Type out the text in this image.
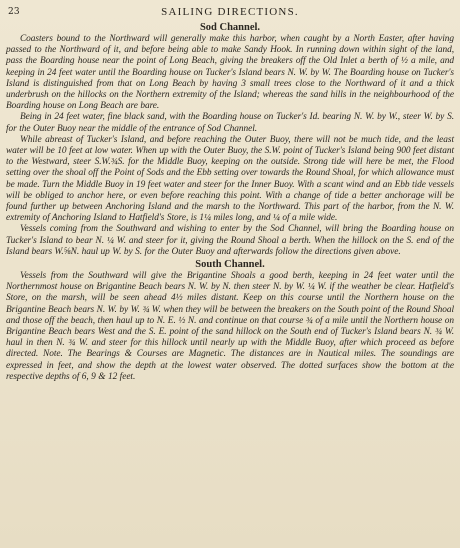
23	SAILING DIRECTIONS.
Sod Channel.

Coasters bound to the Northward will generally make this harbor, when caught by a North Easter, after having passed to the Northward of it, and before being able to make Sandy Hook. In running down within sight of the land, pass the Boarding house near the point of Long Beach, giving the breakers off the Old Inlet a berth of ½ a mile, and keeping in 24 feet water until the Boarding house on Tucker's Island bears N. W. by W. The Boarding house on Tucker's Island is distinguished from that on Long Beach by having 3 small trees close to the Northward of it and a thick underbrush on the hillocks on the Northern extremity of the Island; whereas the sand hills in the neighbourhood of the Boarding house on Long Beach are bare.

Being in 24 feet water, fine black sand, with the Boarding house on Tucker's Id. bearing N. W. by W., steer W. by S. for the Outer Buoy near the middle of the entrance of Sod Channel.

While abreast of Tucker's Island, and before reaching the Outer Buoy, there will not be much tide, and the least water will be 10 feet at low water. When up with the Outer Buoy, the S.W. point of Tucker's Island being 900 feet distant to the Westward, steer S.W.¾S. for the Middle Buoy, keeping on the outside. Strong tide will here be met, the Flood setting over the shoal off the Point of Sods and the Ebb setting over towards the Round Shoal, for which allowance must be made. Turn the Middle Buoy in 19 feet water and steer for the Inner Buoy. With a scant wind and an Ebb tide vessels will be obliged to anchor here, or even before reaching this point. With a change of tide a better anchorage will be found further up between Anchoring Island and the marsh to the Northward. This part of the harbor, from the N. W. extremity of Anchoring Island to Hatfield's Store, is 1¼ miles long, and ¼ of a mile wide.

Vessels coming from the Southward and wishing to enter by the Sod Channel, will bring the Boarding house on Tucker's Island to bear N. ¼ W. and steer for it, giving the Round Shoal a berth. When the hillock on the S. end of the Island bears W.⅝N. haul up W. by S. for the Outer Buoy and afterwards follow the directions given above.

South Channel.

Vessels from the Southward will give the Brigantine Shoals a good berth, keeping in 24 feet water until the Northernmost house on Brigantine Beach bears N. W. by N. then steer N. by W. ¼ W. if the weather be clear. Hatfield's Store, on the marsh, will be seen ahead 4½ miles distant. Keep on this course until the Northern house on the Brigantine Beach bears N. W. by W. ¾ W. when they will be between the breakers on the South point of the Round Shoal and those off the beach, then haul up to N. E. ½ N. and continue on that course ¾ of a mile until the Northern house on Brigantine Beach bears West and the S. E. point of the sand hillock on the South end of Tucker's Island bears N. ¾ W. haul in then N. ¾ W. and steer for this hillock until nearly up with the Middle Buoy, after which proceed as before directed. Note. The Bearings & Courses are Magnetic. The distances are in Nautical miles. The soundings are expressed in feet, and show the depth at the lowest water observed. The dotted surfaces show the bottom at the respective depths of 6, 9 & 12 feet.
